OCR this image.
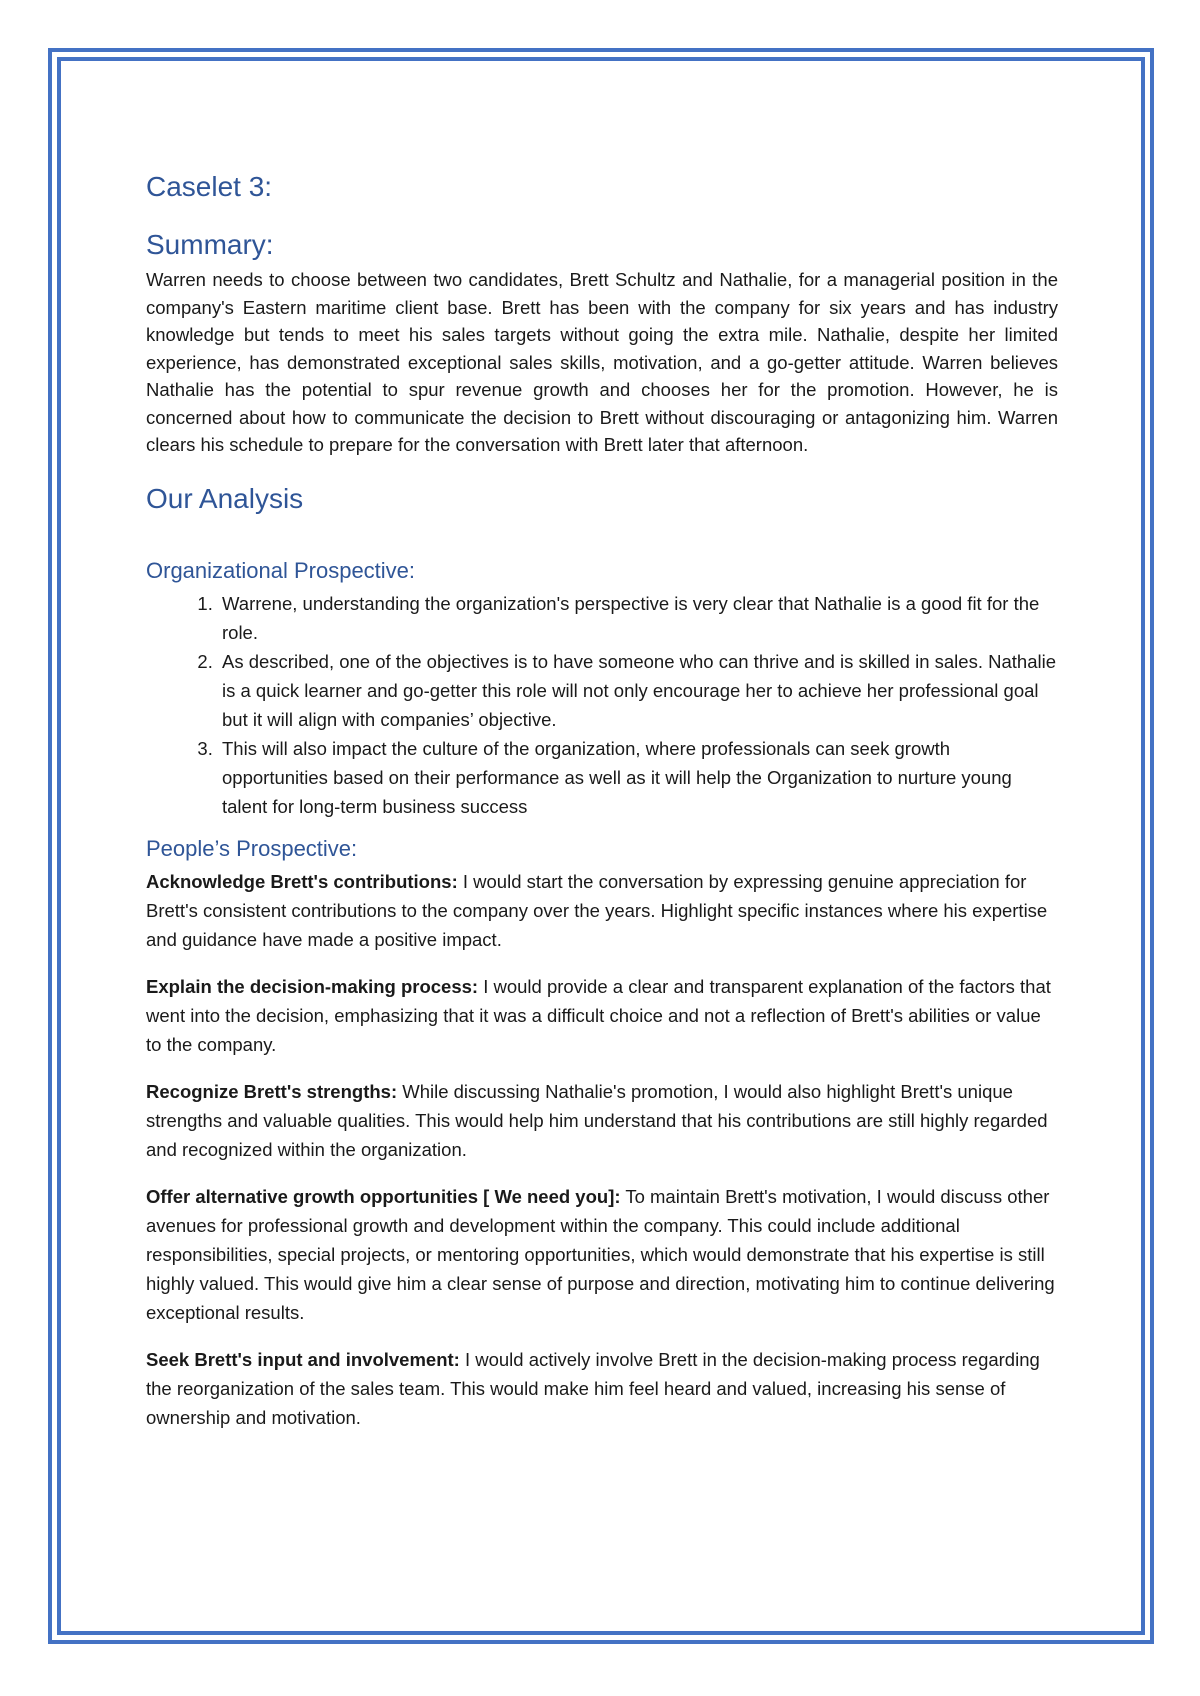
Caselet 3:
Summary:

Warren needs to choose between two candidates, Brett Schultz and Nathalie, for a managerial position in the company's Eastern maritime client base. Brett has been with the company for six years and has industry knowledge but tends to meet his sales targets without going the extra mile. Nathalie, despite her limited experience, has demonstrated exceptional sales skills, motivation, and a go-getter attitude. Warren believes Nathalie has the potential to spur revenue growth and chooses her for the promotion. However, he is concerned about how to communicate the decision to Brett without discouraging or antagonizing him. Warren clears his schedule to prepare for the conversation with Brett later that afternoon.

Our Analysis
Organizational Prospective:
1. Warrene, understanding the organization's perspective is very clear that Nathalie is a good fit for the role.
2. As described, one of the objectives is to have someone who can thrive and is skilled in sales. Nathalie is a quick learner and go-getter this role will not only encourage her to achieve her professional goal but it will align with companies’ objective.
3. This will also impact the culture of the organization, where professionals can seek growth opportunities based on their performance as well as it will help the Organization to nurture young talent for long-term business success
People’s Prospective:

Acknowledge Brett's contributions: I would start the conversation by expressing genuine appreciation for Brett's consistent contributions to the company over the years. Highlight specific instances where his expertise and guidance have made a positive impact.

Explain the decision-making process: I would provide a clear and transparent explanation of the factors that went into the decision, emphasizing that it was a difficult choice and not a reflection of Brett's abilities or value to the company.

Recognize Brett's strengths: While discussing Nathalie's promotion, I would also highlight Brett's unique strengths and valuable qualities. This would help him understand that his contributions are still highly regarded and recognized within the organization.

Offer alternative growth opportunities [ We need you]: To maintain Brett's motivation, I would discuss other avenues for professional growth and development within the company. This could include additional responsibilities, special projects, or mentoring opportunities, which would demonstrate that his expertise is still highly valued. This would give him a clear sense of purpose and direction, motivating him to continue delivering exceptional results.

Seek Brett's input and involvement: I would actively involve Brett in the decision-making process regarding the reorganization of the sales team. This would make him feel heard and valued, increasing his sense of ownership and motivation.
